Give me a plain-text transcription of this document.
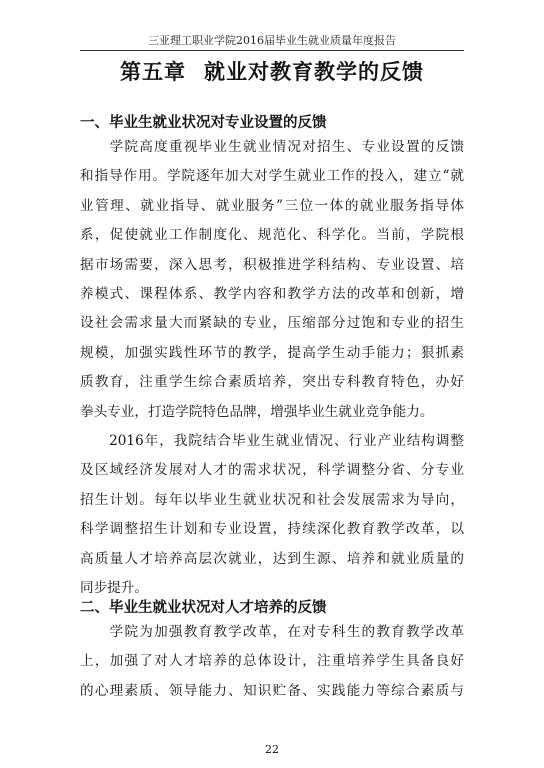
三亚理工职业学院2016届毕业生就业质量年度报告
第五章 就业对教育教学的反馈
一、毕业生就业状况对专业设置的反馈
　　学院高度重视毕业生就业情况对招生、专业设置的反馈
和指导作用。学院逐年加大对学生就业工作的投入，建立“就
业管理、就业指导、就业服务”三位一体的就业服务指导体
系，促使就业工作制度化、规范化、科学化。当前，学院根
据市场需要，深入思考，积极推进学科结构、专业设置、培
养模式、课程体系、教学内容和教学方法的改革和创新，增
设社会需求量大而紧缺的专业，压缩部分过饱和专业的招生
规模，加强实践性环节的教学，提高学生动手能力；狠抓素
质教育，注重学生综合素质培养，突出专科教育特色，办好
拳头专业，打造学院特色品牌，增强毕业生就业竞争能力。
　　2016年，我院结合毕业生就业情况、行业产业结构调整
及区域经济发展对人才的需求状况，科学调整分省、分专业
招生计划。每年以毕业生就业状况和社会发展需求为导向，
科学调整招生计划和专业设置，持续深化教育教学改革，以
高质量人才培养高层次就业，达到生源、培养和就业质量的
同步提升。
二、毕业生就业状况对人才培养的反馈
　　学院为加强教育教学改革，在对专科生的教育教学改革
上，加强了对人才培养的总体设计，注重培养学生具备良好
的心理素质、领导能力、知识贮备、实践能力等综合素质与
22
